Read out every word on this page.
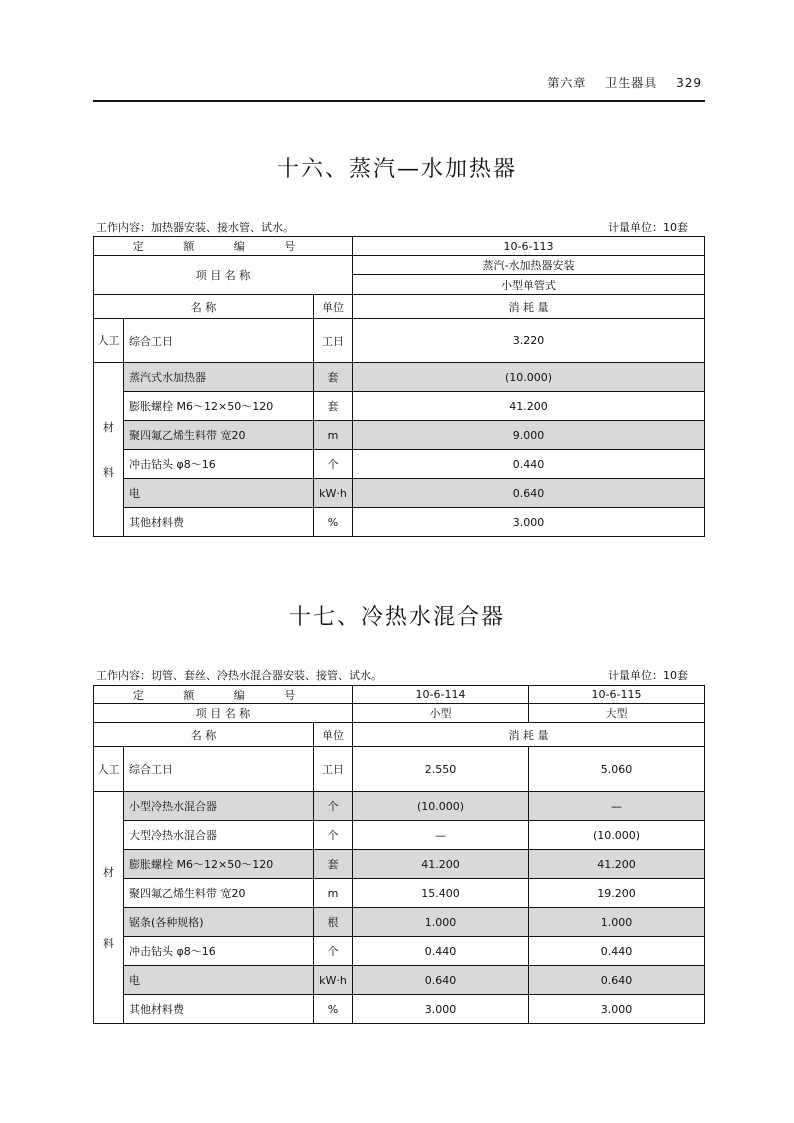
第六章 卫生器具 329
十六、蒸汽—水加热器
工作内容：加热器安装、接水管、试水。	计量单位：10套
定 额 编 号			10-6-113
项 目 名 称			蒸汽-水加热器安装
			小型单管式
名 称		单位	消 耗 量
人工	综合工日	工日	3.220

材
料	蒸汽式水加热器	套	(10.000)
	膨胀螺栓 M6～12×50～120	套	41.200
	聚四氟乙烯生料带 宽20	m	9.000
	冲击钻头 φ8～16	个	0.440
	电	kW·h	0.640
	其他材料费	%	3.000
十七、冷热水混合器
工作内容：切管、套丝、冷热水混合器安装、接管、试水。	计量单位：10套
定 额 编 号			10-6-114	10-6-115
项 目 名 称			小型	大型
名 称		单位	消 耗 量	
人工	综合工日	工日	2.550	5.060

材
料	小型冷热水混合器	个	(10.000)	—
	大型冷热水混合器	个	—	(10.000)
	膨胀螺栓 M6～12×50～120	套	41.200	41.200
	聚四氟乙烯生料带 宽20	m	15.400	19.200
	锯条(各种规格)	根	1.000	1.000
	冲击钻头 φ8～16	个	0.440	0.440
	电	kW·h	0.640	0.640
	其他材料费	%	3.000	3.000
